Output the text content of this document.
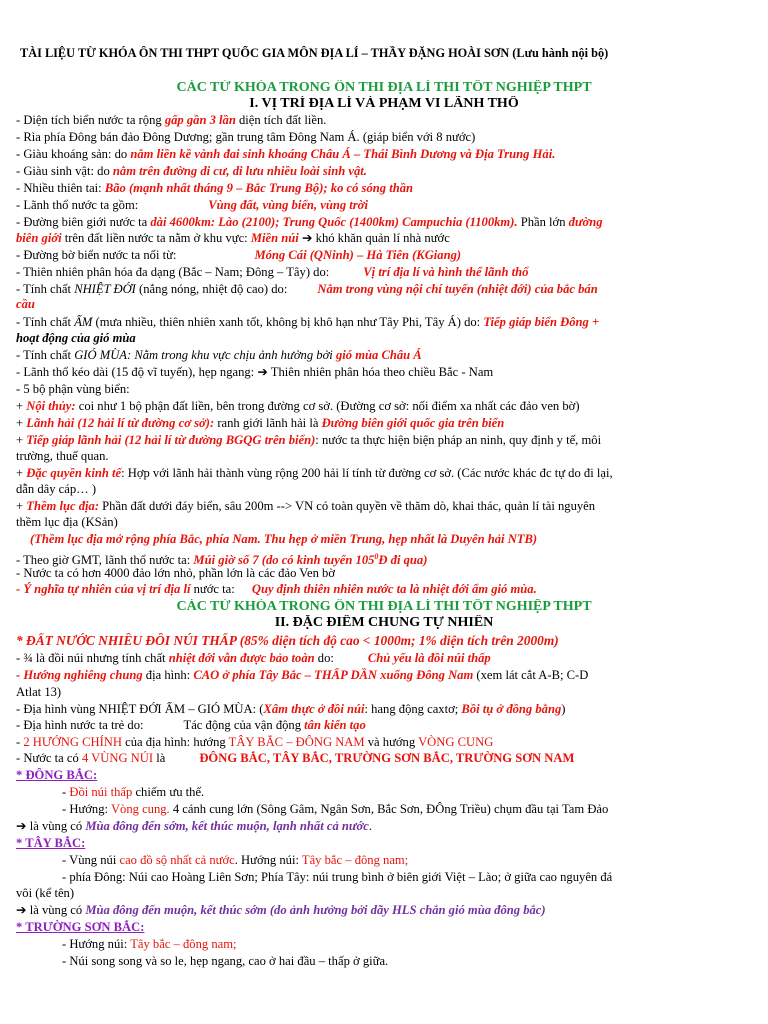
TÀI LIỆU TỪ KHÓA ÔN THI THPT QUỐC GIA MÔN ĐỊA LÍ – THẦY ĐẶNG HOÀI SƠN (Lưu hành nội bộ)
CÁC TỪ KHÓA TRONG ÔN THI ĐỊA LÍ THI TỐT NGHIỆP THPT
I. VỊ TRÍ ĐỊA LÍ VÀ PHẠM VI LÃNH THỔ
- Diện tích biển nước ta rộng gấp gần 3 lần diện tích đất liền.
- Rìa phía Đông bán đảo Đông Dương; gần trung tâm Đông Nam Á. (giáp biển với 8 nước)
- Giàu khoáng sản: do nằm liền kề vành đai sinh khoáng Châu Á – Thái Bình Dương và Địa Trung Hải.
- Giàu sinh vật: do nằm trên đường di cư, di lưu nhiều loài sinh vật.
- Nhiều thiên tai: Bão (mạnh nhất tháng 9 – Bắc Trung Bộ); ko có sóng thần
- Lãnh thổ nước ta gồm:	Vùng đất, vùng biển, vùng trời
- Đường biên giới nước ta dài 4600km: Lào (2100); Trung Quốc (1400km) Campuchia (1100km). Phần lớn đường
biên giới trên đất liền nước ta nằm ở khu vực: Miền núi ➔ khó khăn quản lí nhà nước
- Đường bờ biển nước ta nối từ:	Móng Cái (QNinh) – Hà Tiên (KGiang)
- Thiên nhiên phân hóa đa dạng (Bắc – Nam; Đông – Tây) do:	Vị trí địa lí và hình thể lãnh thổ
- Tính chất NHIỆT ĐỚI (nắng nóng, nhiệt độ cao) do: Nằm trong vùng nội chí tuyến (nhiệt đới) của bắc bán
cầu
- Tính chất ẨM (mưa nhiều, thiên nhiên xanh tốt, không bị khô hạn như Tây Phi, Tây Á) do: Tiếp giáp biển Đông +
hoạt động của gió mùa
- Tính chất GIÓ MÙA: Nằm trong khu vực chịu ảnh hưởng bởi gió mùa Châu Á
- Lãnh thổ kéo dài (15 độ vĩ tuyến), hẹp ngang: ➔ Thiên nhiên phân hóa theo chiều Bắc - Nam
- 5 bộ phận vùng biển:
+ Nội thủy: coi như 1 bộ phận đất liền, bên trong đường cơ sở. (Đường cơ sở: nối điểm xa nhất các đảo ven bờ)
+ Lãnh hải (12 hải lí từ đường cơ sở): ranh giới lãnh hải là Đường biên giới quốc gia trên biển
+ Tiếp giáp lãnh hải (12 hải lí từ đường BGQG trên biển): nước ta thực hiện biện pháp an ninh, quy định y tế, môi
trường, thuế quan.
+ Đặc quyền kinh tế: Hợp với lãnh hải thành vùng rộng 200 hải lí tính từ đường cơ sở. (Các nước khác đc tự do đi lại,
dẫn dây cáp… )
+ Thềm lục địa: Phần đất dưới đáy biển, sâu 200m --> VN có toàn quyền về thăm dò, khai thác, quản lí tài nguyên
thềm lục địa (KSản)
(Thềm lục địa mở rộng phía Bắc, phía Nam. Thu hẹp ở miền Trung, hẹp nhất là Duyên hải NTB)
- Theo giờ GMT, lãnh thổ nước ta: Múi giờ số 7 (do có kinh tuyến $105^0Đ$ đi qua)
- Nước ta có hơn 4000 đảo lớn nhỏ, phần lớn là các đảo Ven bờ
- Ý nghĩa tự nhiên của vị trí địa lí nước ta: Quy định thiên nhiên nước ta là nhiệt đới ẩm gió mùa.
CÁC TỪ KHÓA TRONG ÔN THI ĐỊA LÍ THI TỐT NGHIỆP THPT
II. ĐẶC ĐIỂM CHUNG TỰ NHIÊN
* ĐẤT NƯỚC NHIỀU ĐỒI NÚI THẤP (85% diện tích độ cao < 1000m; 1% diện tích trên 2000m)
- ¾ là đồi núi nhưng tính chất nhiệt đới vẫn được bảo toàn do:	Chủ yếu là đồi núi thấp
- Hướng nghiêng chung địa hình: CAO ở phía Tây Bắc – THẤP DẦN xuống Đông Nam (xem lát cắt A-B; C-D
Atlat 13)
- Địa hình vùng NHIỆT ĐỚI ẨM – GIÓ MÙA: (Xâm thực ở đồi núi: hang động caxtơ; Bồi tụ ở đồng bằng)
- Địa hình nước ta trẻ do:	Tác động của vận động tân kiến tạo
- 2 HƯỚNG CHÍNH của địa hình: hướng TÂY BẮC – ĐÔNG NAM và hướng VÒNG CUNG
- Nước ta có 4 VÙNG NÚI là	ĐÔNG BẮC, TÂY BẮC, TRƯỜNG SƠN BẮC, TRƯỜNG SƠN NAM
* ĐÔNG BẮC:
- Đồi núi thấp chiếm ưu thế.
- Hướng: Vòng cung. 4 cánh cung lớn (Sông Gâm, Ngân Sơn, Bắc Sơn, ĐÔng Triều) chụm đầu tại Tam Đảo
➔ là vùng có Mùa đông đến sớm, kết thúc muộn, lạnh nhất cả nước.
* TÂY BẮC:
- Vùng núi cao đồ sộ nhất cả nước. Hướng núi: Tây bắc – đông nam;
- phía Đông: Núi cao Hoàng Liên Sơn; Phía Tây: núi trung bình ở biên giới Việt – Lào; ở giữa cao nguyên đá
vôi (kể tên)
➔ là vùng có Mùa đông đến muộn, kết thúc sớm (do ảnh hưởng bởi dãy HLS chắn gió mùa đông bắc)
* TRƯỜNG SƠN BẮC:
- Hướng núi: Tây bắc – đông nam;
- Núi song song và so le, hẹp ngang, cao ở hai đầu – thấp ở giữa.
